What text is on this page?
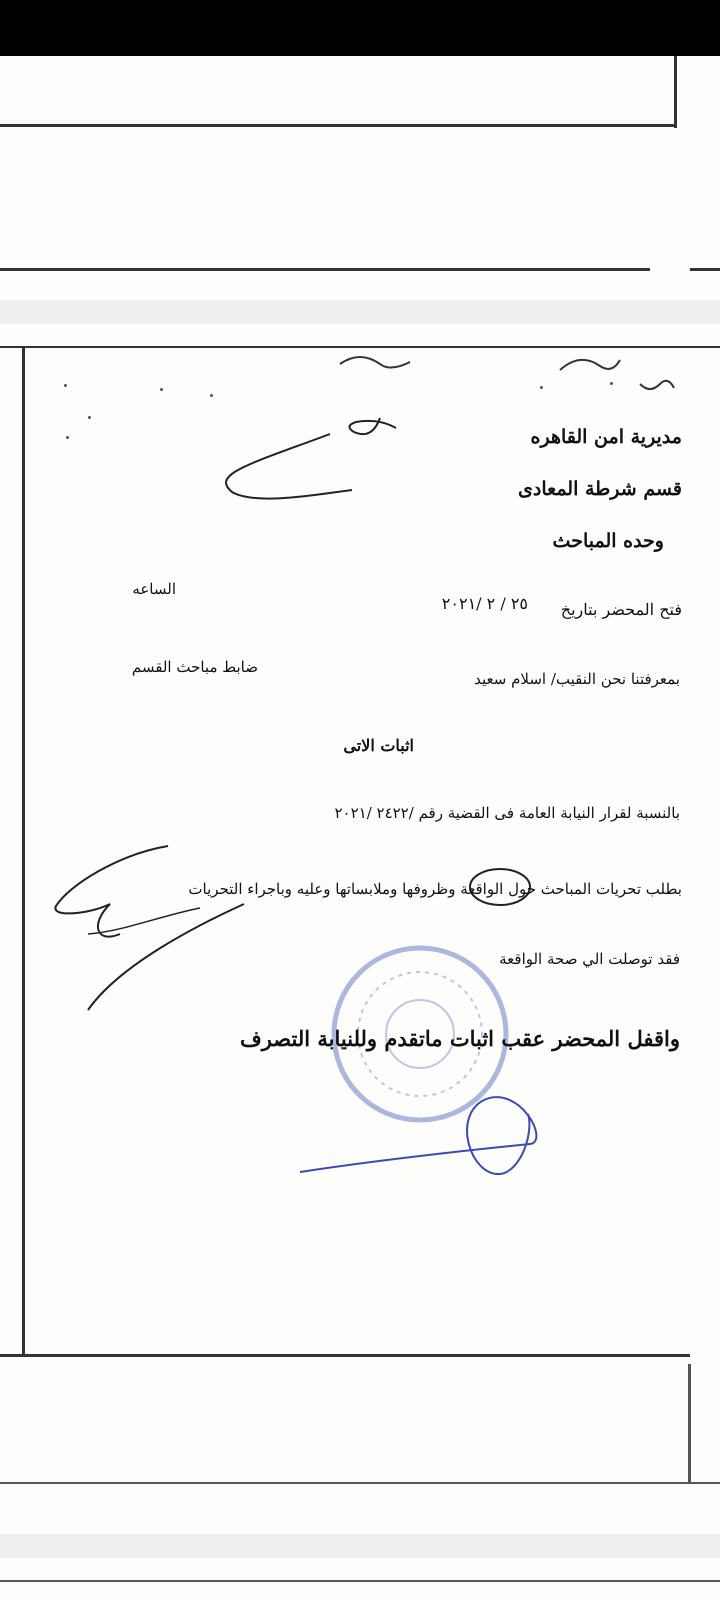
مديرية امن القاهره
قسم شرطة المعادى
وحده المباحث
الساعه
فتح المحضر بتاريخ
٢٥ / ٢ /٢٠٢١
ضابط مباحث القسم
بمعرفتنا نحن النقيب/ اسلام سعيد
اثبات الاتى
بالنسبة لقرار النيابة العامة فى القضية رقم /٢٤٢٢ /٢٠٢١
بطلب تحريات المباحث حول الواقعة وظروفها وملابساتها وعليه وباجراء التحريات
فقد توصلت الي صحة الواقعة
واقفل المحضر عقب اثبات ماتقدم وللنيابة التصرف
